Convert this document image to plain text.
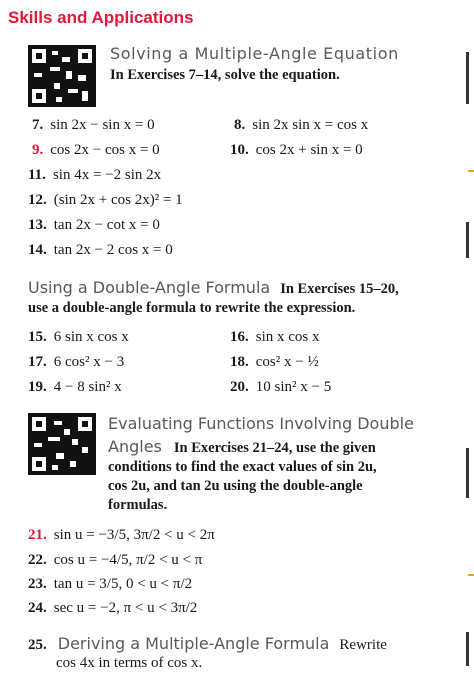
Skills and Applications
Solving a Multiple-Angle Equation
In Exercises 7–14, solve the equation.
7. sin 2x − sin x = 0	8. sin 2x sin x = cos x
9. cos 2x − cos x = 0	10. cos 2x + sin x = 0
11. sin 4x = −2 sin 2x
12. (sin 2x + cos 2x)² = 1
13. tan 2x − cot x = 0
14. tan 2x − 2 cos x = 0
Using a Double-Angle Formula In Exercises 15–20,
use a double-angle formula to rewrite the expression.
15. 6 sin x cos x	16. sin x cos x
17. 6 cos² x − 3	18. cos² x − ½
19. 4 − 8 sin² x	20. 10 sin² x − 5
Evaluating Functions Involving Double
Angles In Exercises 21–24, use the given
conditions to find the exact values of sin 2u,
cos 2u, and tan 2u using the double-angle
formulas.
21. sin u = −3/5, 3π/2 < u < 2π
22. cos u = −4/5, π/2 < u < π
23. tan u = 3/5, 0 < u < π/2
24. sec u = −2, π < u < 3π/2
25. Deriving a Multiple-Angle Formula Rewrite
cos 4x in terms of cos x.
